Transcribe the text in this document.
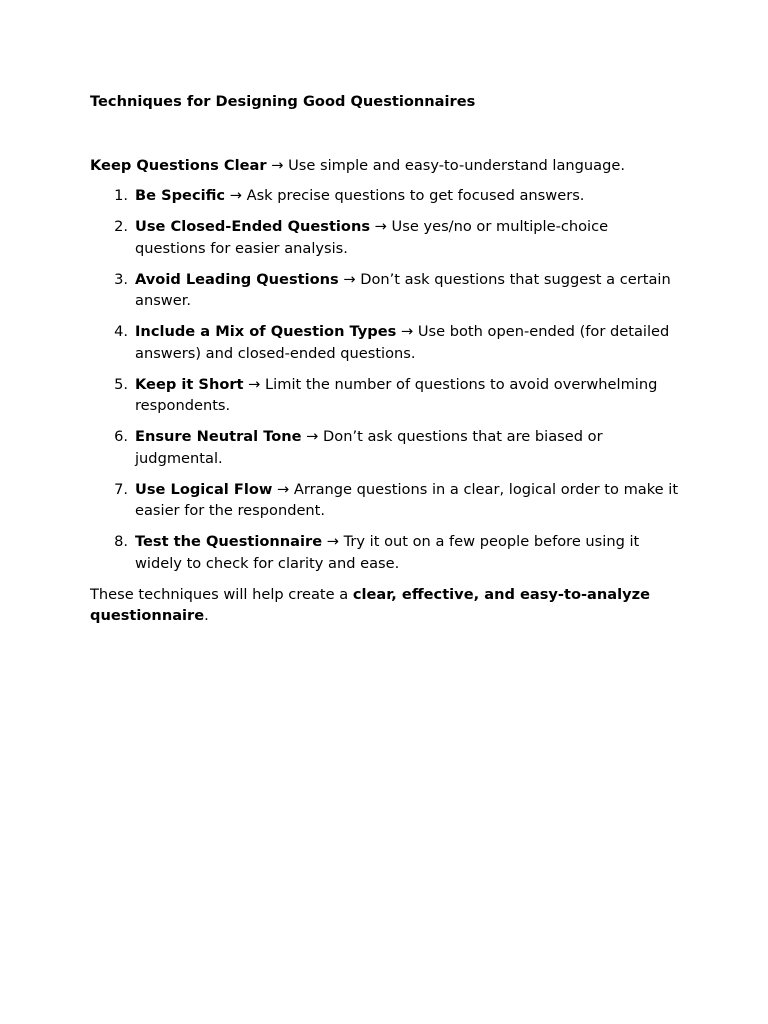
Techniques for Designing Good Questionnaires

Keep Questions Clear → Use simple and easy-to-understand language.

1. Be Specific → Ask precise questions to get focused answers.
2. Use Closed-Ended Questions → Use yes/no or multiple-choice questions for easier analysis.
3. Avoid Leading Questions → Don’t ask questions that suggest a certain answer.
4. Include a Mix of Question Types → Use both open-ended (for detailed answers) and closed-ended questions.
5. Keep it Short → Limit the number of questions to avoid overwhelming respondents.
6. Ensure Neutral Tone → Don’t ask questions that are biased or judgmental.
7. Use Logical Flow → Arrange questions in a clear, logical order to make it easier for the respondent.
8. Test the Questionnaire → Try it out on a few people before using it widely to check for clarity and ease.

These techniques will help create a clear, effective, and easy-to-analyze questionnaire.
